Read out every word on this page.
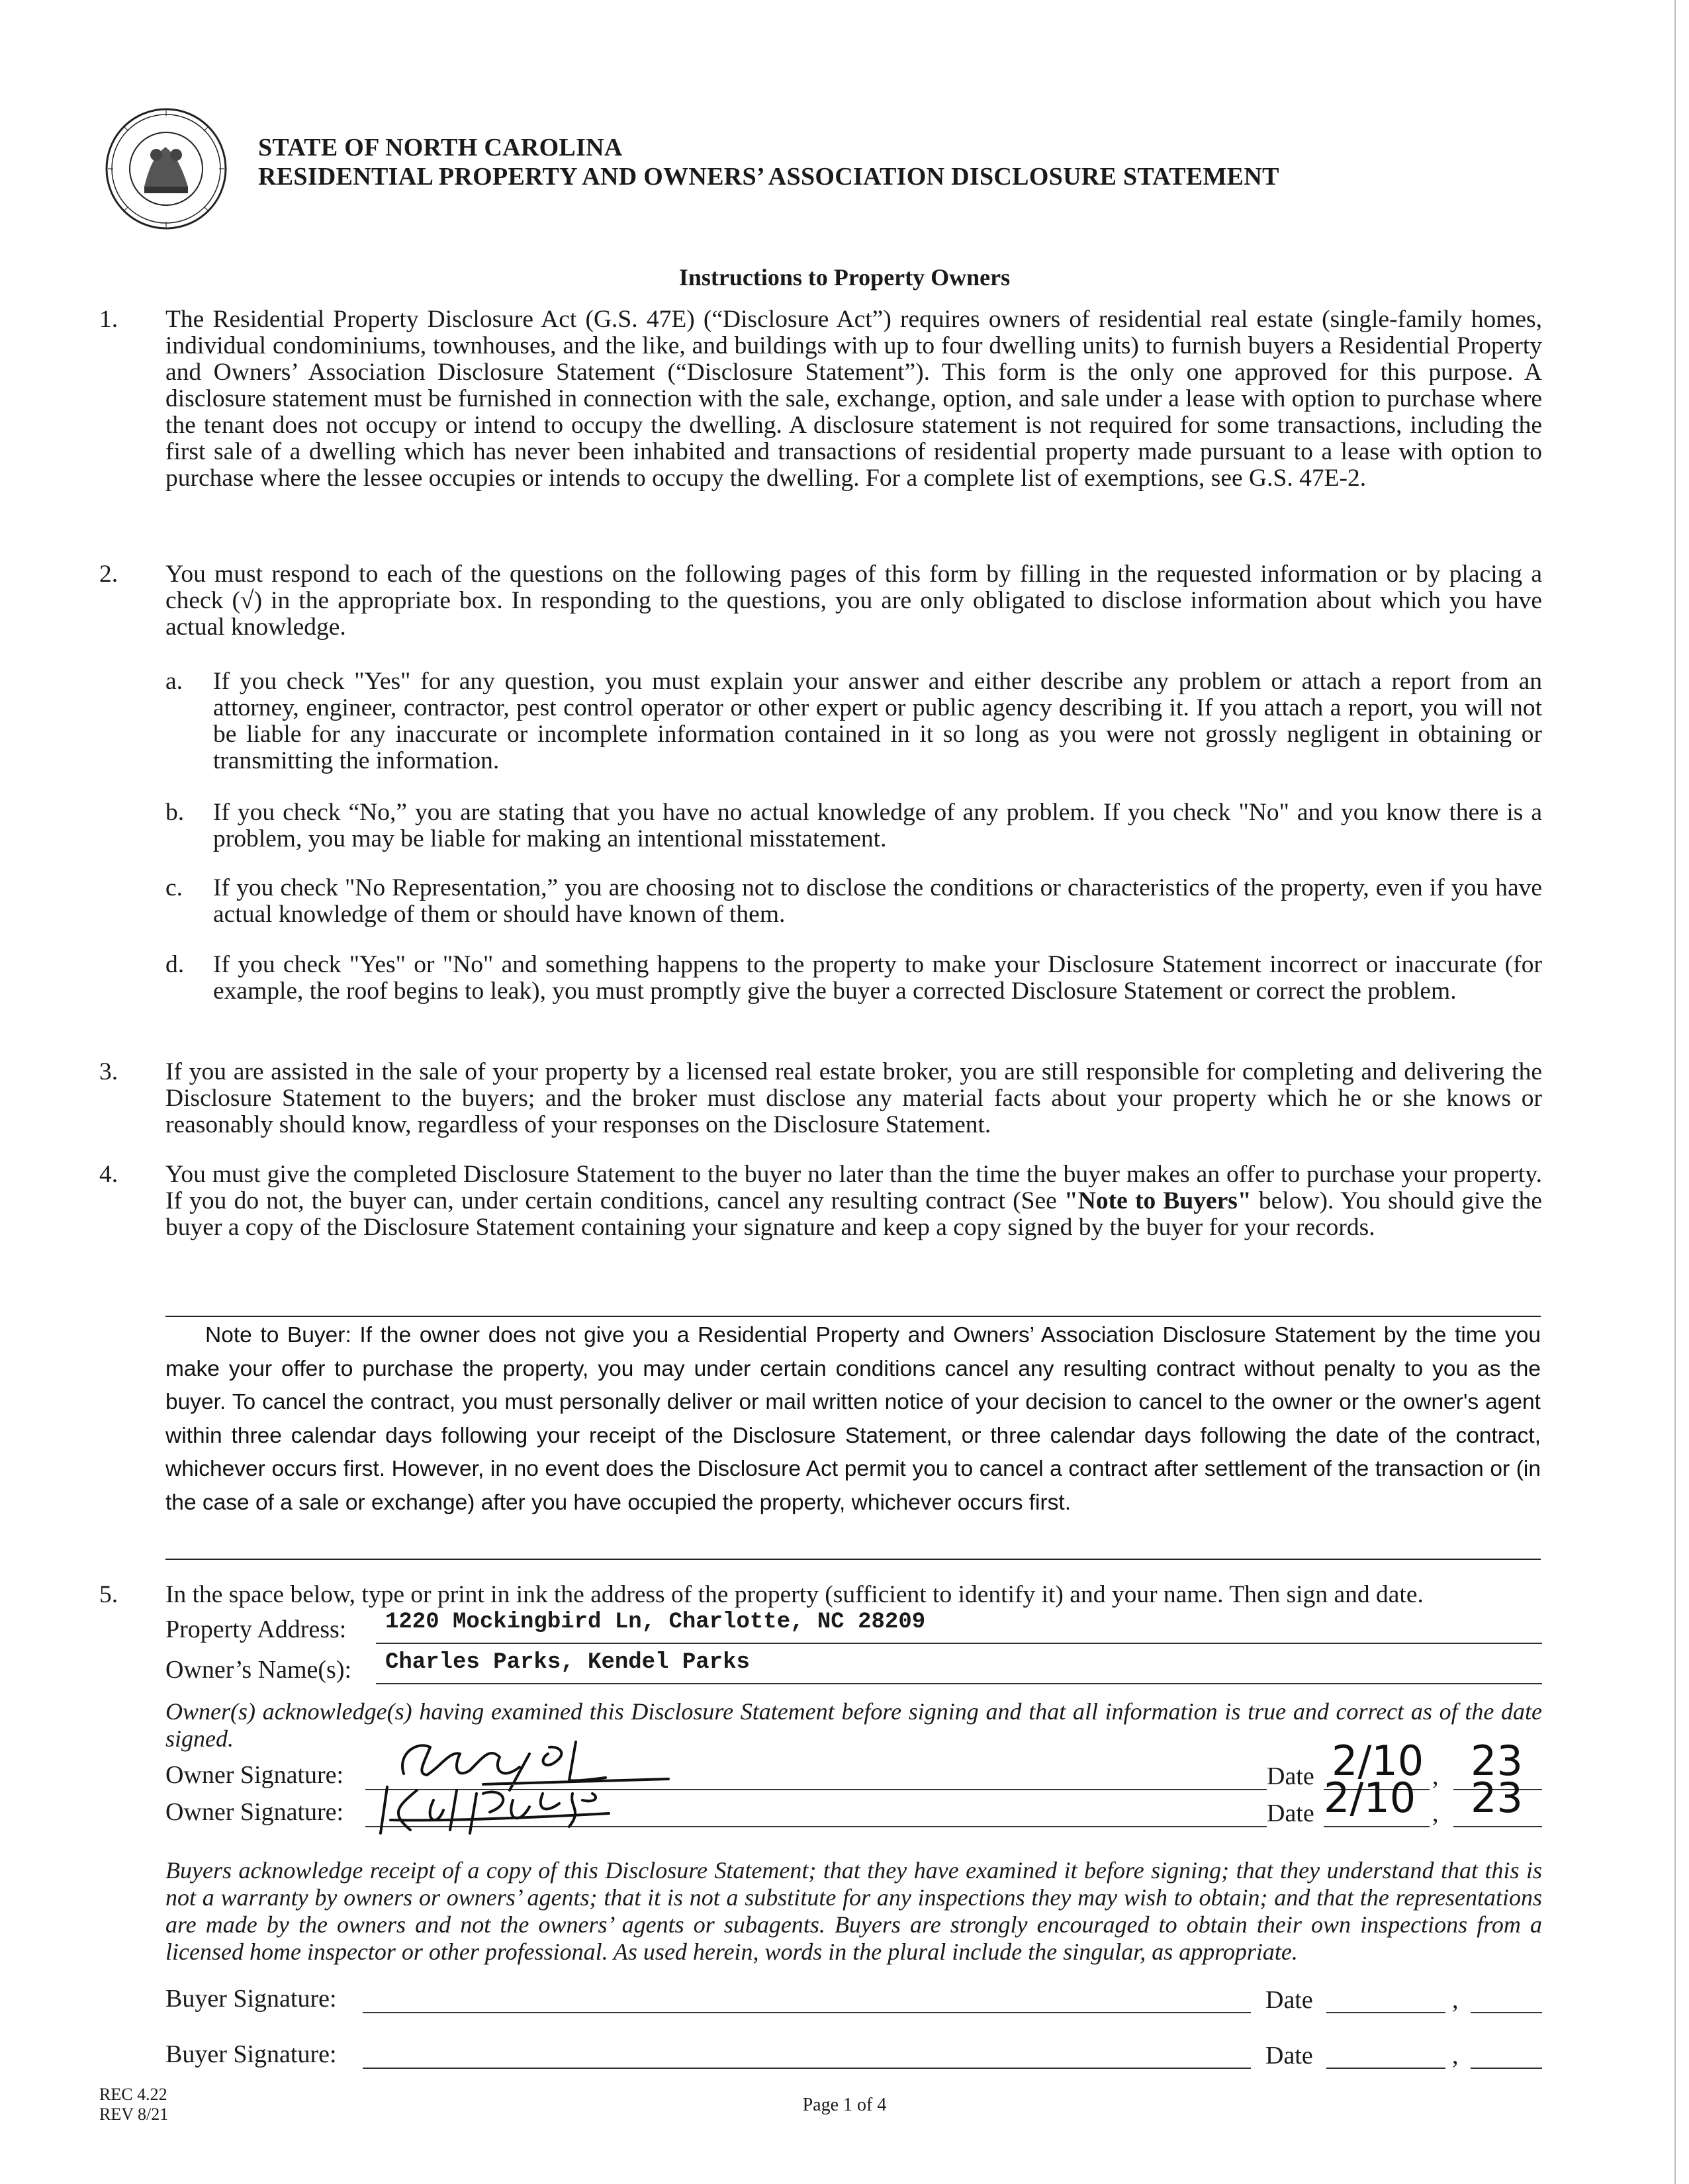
STATE OF NORTH CAROLINA
RESIDENTIAL PROPERTY AND OWNERS’ ASSOCIATION DISCLOSURE STATEMENT
Instructions to Property Owners
1. The Residential Property Disclosure Act (G.S. 47E) (“Disclosure Act”) requires owners of residential real estate (single-family homes, individual condominiums, townhouses, and the like, and buildings with up to four dwelling units) to furnish buyers a Residential Property and Owners’ Association Disclosure Statement (“Disclosure Statement”). This form is the only one approved for this purpose. A disclosure statement must be furnished in connection with the sale, exchange, option, and sale under a lease with option to purchase where the tenant does not occupy or intend to occupy the dwelling. A disclosure statement is not required for some transactions, including the first sale of a dwelling which has never been inhabited and transactions of residential property made pursuant to a lease with option to purchase where the lessee occupies or intends to occupy the dwelling. For a complete list of exemptions, see G.S. 47E-2.
2. You must respond to each of the questions on the following pages of this form by filling in the requested information or by placing a check (√) in the appropriate box. In responding to the questions, you are only obligated to disclose information about which you have actual knowledge.
a. If you check "Yes" for any question, you must explain your answer and either describe any problem or attach a report from an attorney, engineer, contractor, pest control operator or other expert or public agency describing it. If you attach a report, you will not be liable for any inaccurate or incomplete information contained in it so long as you were not grossly negligent in obtaining or transmitting the information.
b. If you check “No,” you are stating that you have no actual knowledge of any problem. If you check "No" and you know there is a problem, you may be liable for making an intentional misstatement.
c. If you check "No Representation,” you are choosing not to disclose the conditions or characteristics of the property, even if you have actual knowledge of them or should have known of them.
d. If you check "Yes" or "No" and something happens to the property to make your Disclosure Statement incorrect or inaccurate (for example, the roof begins to leak), you must promptly give the buyer a corrected Disclosure Statement or correct the problem.
3. If you are assisted in the sale of your property by a licensed real estate broker, you are still responsible for completing and delivering the Disclosure Statement to the buyers; and the broker must disclose any material facts about your property which he or she knows or reasonably should know, regardless of your responses on the Disclosure Statement.
4. You must give the completed Disclosure Statement to the buyer no later than the time the buyer makes an offer to purchase your property. If you do not, the buyer can, under certain conditions, cancel any resulting contract (See "Note to Buyers" below). You should give the buyer a copy of the Disclosure Statement containing your signature and keep a copy signed by the buyer for your records.
Note to Buyer: If the owner does not give you a Residential Property and Owners’ Association Disclosure Statement by the time you make your offer to purchase the property, you may under certain conditions cancel any resulting contract without penalty to you as the buyer. To cancel the contract, you must personally deliver or mail written notice of your decision to cancel to the owner or the owner's agent within three calendar days following your receipt of the Disclosure Statement, or three calendar days following the date of the contract, whichever occurs first. However, in no event does the Disclosure Act permit you to cancel a contract after settlement of the transaction or (in the case of a sale or exchange) after you have occupied the property, whichever occurs first.
5. In the space below, type or print in ink the address of the property (sufficient to identify it) and your name. Then sign and date.
Property Address: 1220 Mockingbird Ln, Charlotte, NC 28209
Owner’s Name(s): Charles Parks, Kendel Parks
Owner(s) acknowledge(s) having examined this Disclosure Statement before signing and that all information is true and correct as of the date signed.
Owner Signature:	Date 2/10 , 23
Owner Signature:	Date 2/10 , 23
Buyers acknowledge receipt of a copy of this Disclosure Statement; that they have examined it before signing; that they understand that this is not a warranty by owners or owners’ agents; that it is not a substitute for any inspections they may wish to obtain; and that the representations are made by the owners and not the owners’ agents or subagents. Buyers are strongly encouraged to obtain their own inspections from a licensed home inspector or other professional. As used herein, words in the plural include the singular, as appropriate.
Buyer Signature:	Date	,
Buyer Signature:	Date	,
REC 4.22
REV 8/21	Page 1 of 4
